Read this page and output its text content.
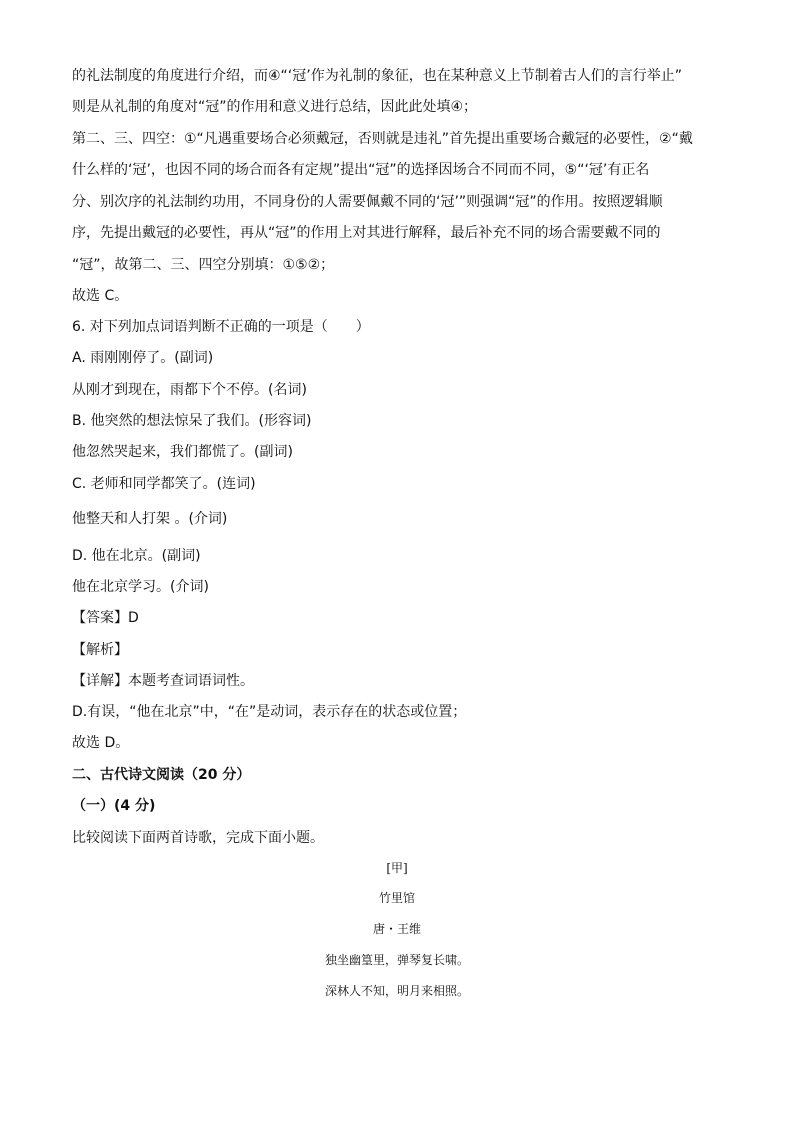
的礼法制度的角度进行介绍，而④“‘冠’作为礼制的象征，也在某种意义上节制着古人们的言行举止”
则是从礼制的角度对“冠”的作用和意义进行总结，因此此处填④；
第二、三、四空：①“凡遇重要场合必须戴冠，否则就是违礼”首先提出重要场合戴冠的必要性，②“戴
什么样的‘冠’，也因不同的场合而各有定规”提出“冠”的选择因场合不同而不同，⑤“‘冠’有正名
分、别次序的礼法制约功用，不同身份的人需要佩戴不同的‘冠’”则强调“冠”的作用。按照逻辑顺
序，先提出戴冠的必要性，再从“冠”的作用上对其进行解释，最后补充不同的场合需要戴不同的
“冠”，故第二、三、四空分别填：①⑤②；
故选 C。
6. 对下列加点词语判断不正确的一项是（　　）
A. 雨刚刚停了。(副词)
从刚才到现在，雨都下个不停。(名词)
B. 他突然的想法惊呆了我们。(形容词)
他忽然哭起来，我们都慌了。(副词)
C. 老师和同学都笑了。(连词)
他整天和人打架 。(介词)
D. 他在北京。(副词)
他在北京学习。(介词)
【答案】D
【解析】
【详解】本题考查词语词性。
D.有误，“他在北京”中，“在”是动词，表示存在的状态或位置；
故选 D。
二、古代诗文阅读（20 分）
（一）(4 分)
比较阅读下面两首诗歌，完成下面小题。
[甲]
竹里馆
唐・王维
独坐幽篁里，弹琴复长啸。
深林人不知，明月来相照。
